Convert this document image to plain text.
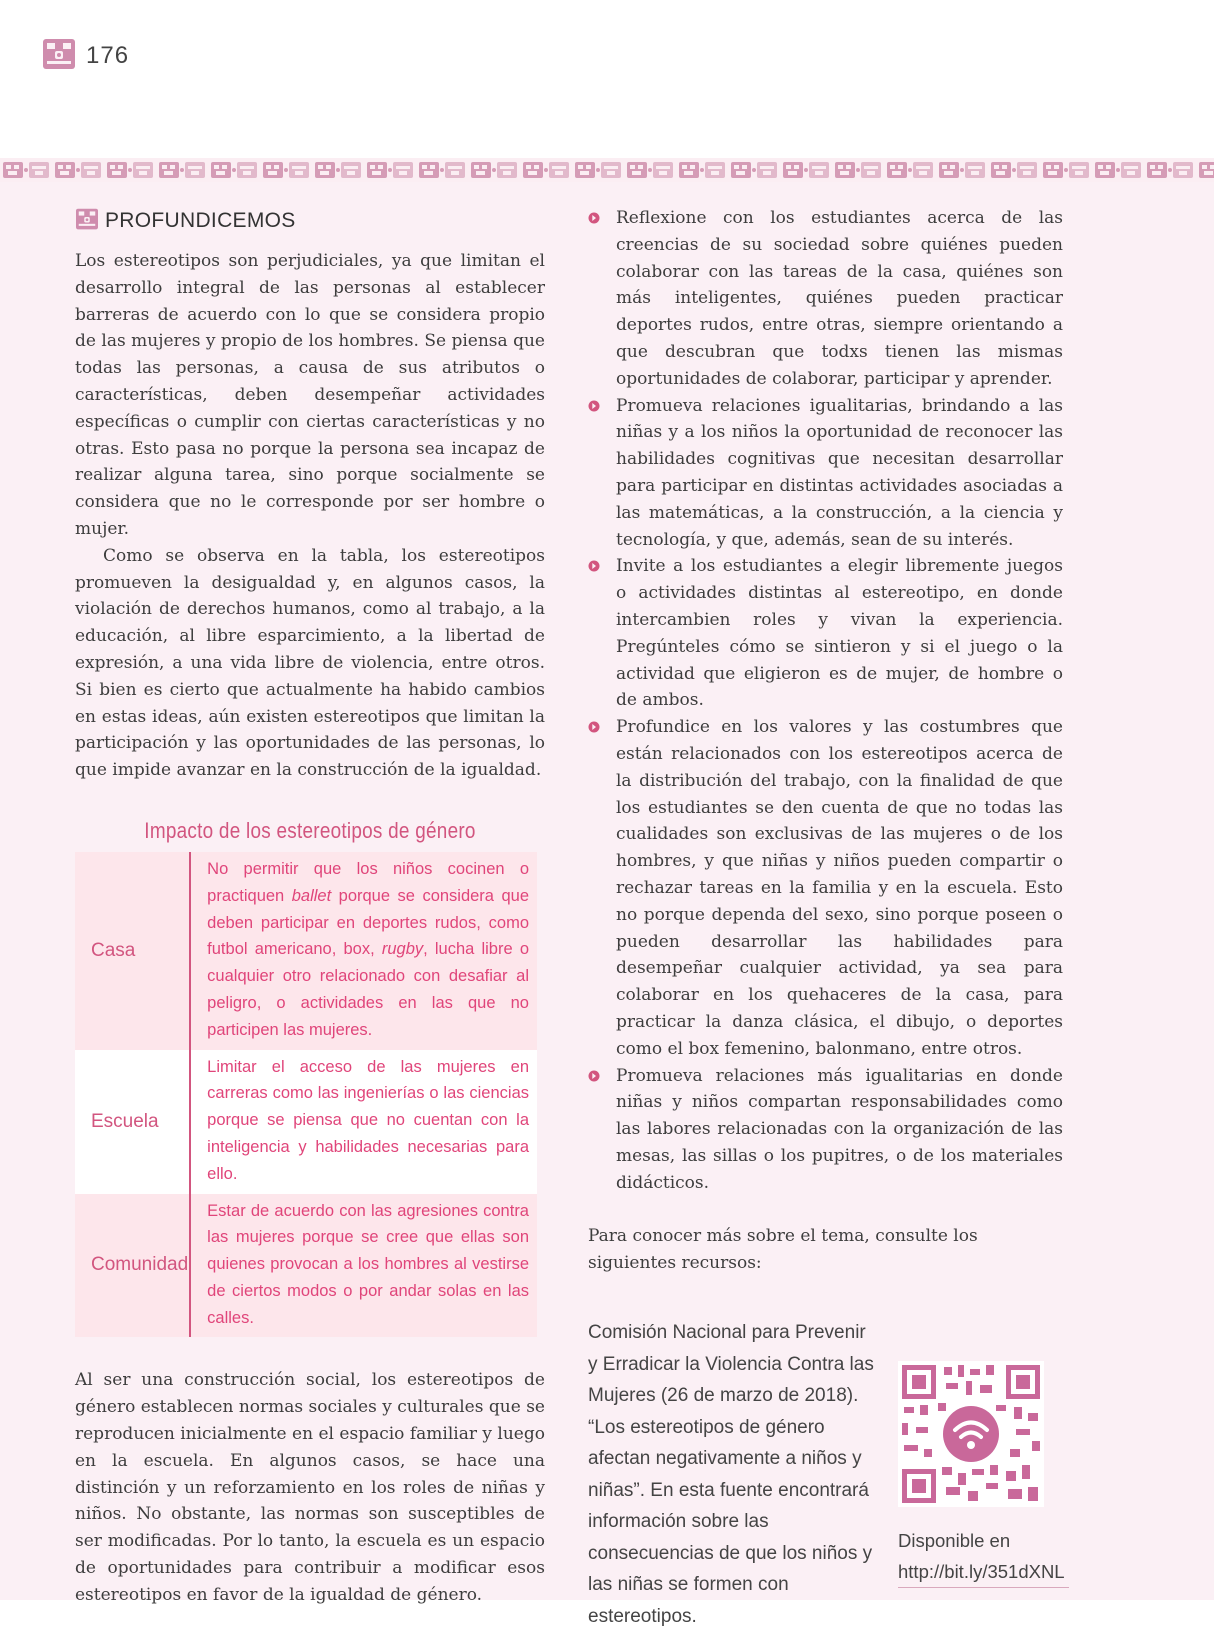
176
PROFUNDICEMOS

Los estereotipos son perjudiciales, ya que limitan el desarrollo integral de las personas al establecer barreras de acuerdo con lo que se considera propio de las mujeres y propio de los hombres. Se piensa que todas las personas, a causa de sus atributos o características, deben desempeñar actividades específicas o cumplir con ciertas características y no otras. Esto pasa no porque la persona sea incapaz de realizar alguna tarea, sino porque socialmente se considera que no le corresponde por ser hombre o mujer.

Como se observa en la tabla, los estereotipos promueven la desigualdad y, en algunos casos, la violación de derechos humanos, como al trabajo, a la educación, al libre esparcimiento, a la libertad de expresión, a una vida libre de violencia, entre otros. Si bien es cierto que actualmente ha habido cambios en estas ideas, aún existen estereotipos que limitan la participación y las oportunidades de las personas, lo que impide avanzar en la construcción de la igualdad.

Impacto de los estereotipos de género
Casa	No permitir que los niños cocinen o practiquen ballet porque se considera que deben participar en deportes rudos, como futbol americano, box, rugby, lucha libre o cualquier otro relacionado con desafiar al peligro, o actividades en las que no participen las mujeres.
Escuela	Limitar el acceso de las mujeres en carreras como las ingenierías o las ciencias porque se piensa que no cuentan con la inteligencia y habilidades necesarias para ello.
Comunidad	Estar de acuerdo con las agresiones contra las mujeres porque se cree que ellas son quienes provocan a los hombres al vestirse de ciertos modos o por andar solas en las calles.

Al ser una construcción social, los estereotipos de género establecen normas sociales y culturales que se reproducen inicialmente en el espacio familiar y luego en la escuela. En algunos casos, se hace una distinción y un reforzamiento en los roles de niñas y niños. No obstante, las normas son susceptibles de ser modificadas. Por lo tanto, la escuela es un espacio de oportunidades para contribuir a modificar esos estereotipos en favor de la igualdad de género.

Reflexione con los estudiantes acerca de las creencias de su sociedad sobre quiénes pueden colaborar con las tareas de la casa, quiénes son más inteligentes, quiénes pueden practicar deportes rudos, entre otras, siempre orientando a que descubran que todxs tienen las mismas oportunidades de colaborar, participar y aprender.
Promueva relaciones igualitarias, brindando a las niñas y a los niños la oportunidad de reconocer las habilidades cognitivas que necesitan desarrollar para participar en distintas actividades asociadas a las matemáticas, a la construcción, a la ciencia y tecnología, y que, además, sean de su interés.
Invite a los estudiantes a elegir libremente juegos o actividades distintas al estereotipo, en donde intercambien roles y vivan la experiencia. Pregúnteles cómo se sintieron y si el juego o la actividad que eligieron es de mujer, de hombre o de ambos.
Profundice en los valores y las costumbres que están relacionados con los estereotipos acerca de la distribución del trabajo, con la finalidad de que los estudiantes se den cuenta de que no todas las cualidades son exclusivas de las mujeres o de los hombres, y que niñas y niños pueden compartir o rechazar tareas en la familia y en la escuela. Esto no porque dependa del sexo, sino porque poseen o pueden desarrollar las habilidades para desempeñar cualquier actividad, ya sea para colaborar en los quehaceres de la casa, para practicar la danza clásica, el dibujo, o deportes como el box femenino, balonmano, entre otros.
Promueva relaciones más igualitarias en donde niñas y niños compartan responsabilidades como las labores relacionadas con la organización de las mesas, las sillas o los pupitres, o de los materiales didácticos.

Para conocer más sobre el tema, consulte los siguientes recursos:

Comisión Nacional para Prevenir y Erradicar la Violencia Contra las Mujeres (26 de marzo de 2018). “Los estereotipos de género afectan negativamente a niños y niñas”. En esta fuente encontrará información sobre las consecuencias de que los niños y las niñas se formen con estereotipos.
Disponible en
http://bit.ly/351dXNL
